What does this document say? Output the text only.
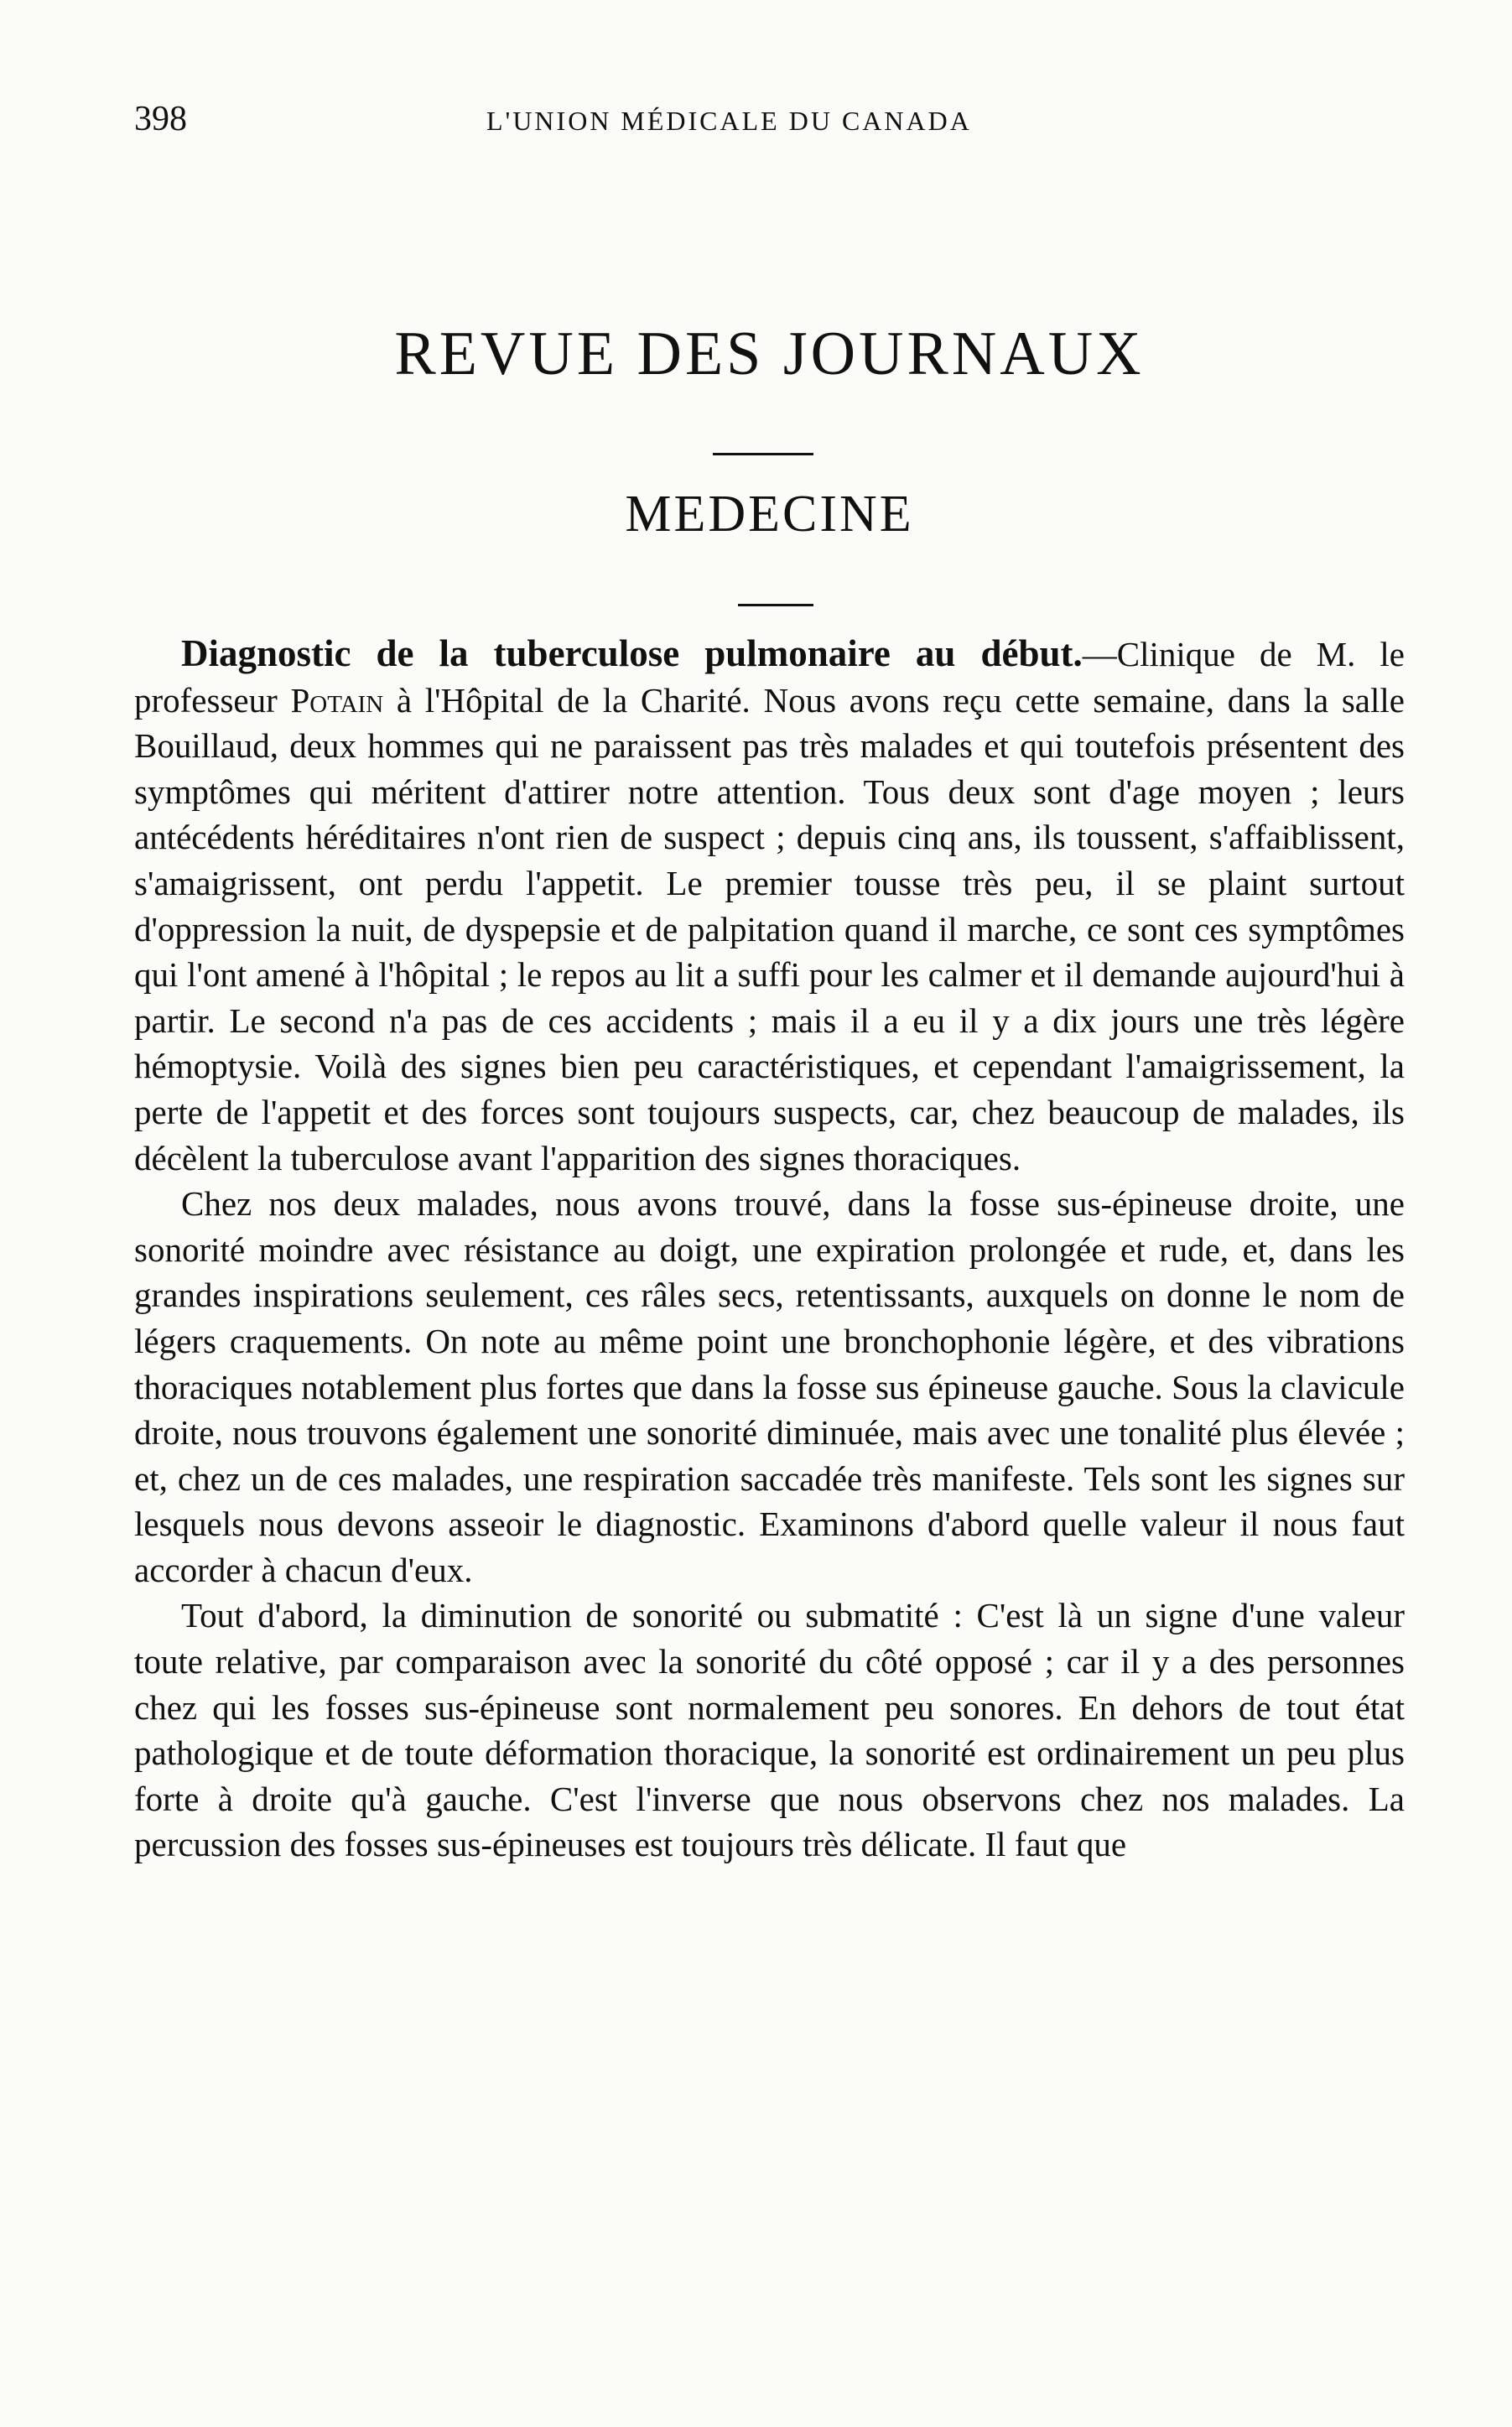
398	L'UNION MÉDICALE DU CANADA
REVUE DES JOURNAUX
MEDECINE

Diagnostic de la tuberculose pulmonaire au début.—Clinique de M. le professeur Potain à l'Hôpital de la Charité. Nous avons reçu cette semaine, dans la salle Bouillaud, deux hommes qui ne paraissent pas très malades et qui toutefois présentent des symptômes qui méritent d'attirer notre attention. Tous deux sont d'age moyen ; leurs antécédents héréditaires n'ont rien de suspect ; depuis cinq ans, ils toussent, s'affaiblissent, s'amaigrissent, ont perdu l'appetit. Le premier tousse très peu, il se plaint surtout d'oppression la nuit, de dyspepsie et de palpitation quand il marche, ce sont ces symptômes qui l'ont amené à l'hôpital ; le repos au lit a suffi pour les calmer et il demande aujourd'hui à partir. Le second n'a pas de ces accidents ; mais il a eu il y a dix jours une très légère hémoptysie. Voilà des signes bien peu caractéristiques, et cependant l'amaigrissement, la perte de l'appetit et des forces sont toujours suspects, car, chez beaucoup de malades, ils décèlent la tuberculose avant l'apparition des signes thoraciques.

Chez nos deux malades, nous avons trouvé, dans la fosse sus-épineuse droite, une sonorité moindre avec résistance au doigt, une expiration prolongée et rude, et, dans les grandes inspirations seulement, ces râles secs, retentissants, auxquels on donne le nom de légers craquements. On note au même point une bronchophonie légère, et des vibrations thoraciques notablement plus fortes que dans la fosse sus épineuse gauche. Sous la clavicule droite, nous trouvons également une sonorité diminuée, mais avec une tonalité plus élevée ; et, chez un de ces malades, une respiration saccadée très manifeste. Tels sont les signes sur lesquels nous devons asseoir le diagnostic. Examinons d'abord quelle valeur il nous faut accorder à chacun d'eux.

Tout d'abord, la diminution de sonorité ou submatité : C'est là un signe d'une valeur toute relative, par comparaison avec la sonorité du côté opposé ; car il y a des personnes chez qui les fosses sus-épineuse sont normalement peu sonores. En dehors de tout état pathologique et de toute déformation thoracique, la sonorité est ordinairement un peu plus forte à droite qu'à gauche. C'est l'inverse que nous observons chez nos malades. La percussion des fosses sus-épineuses est toujours très délicate. Il faut que
